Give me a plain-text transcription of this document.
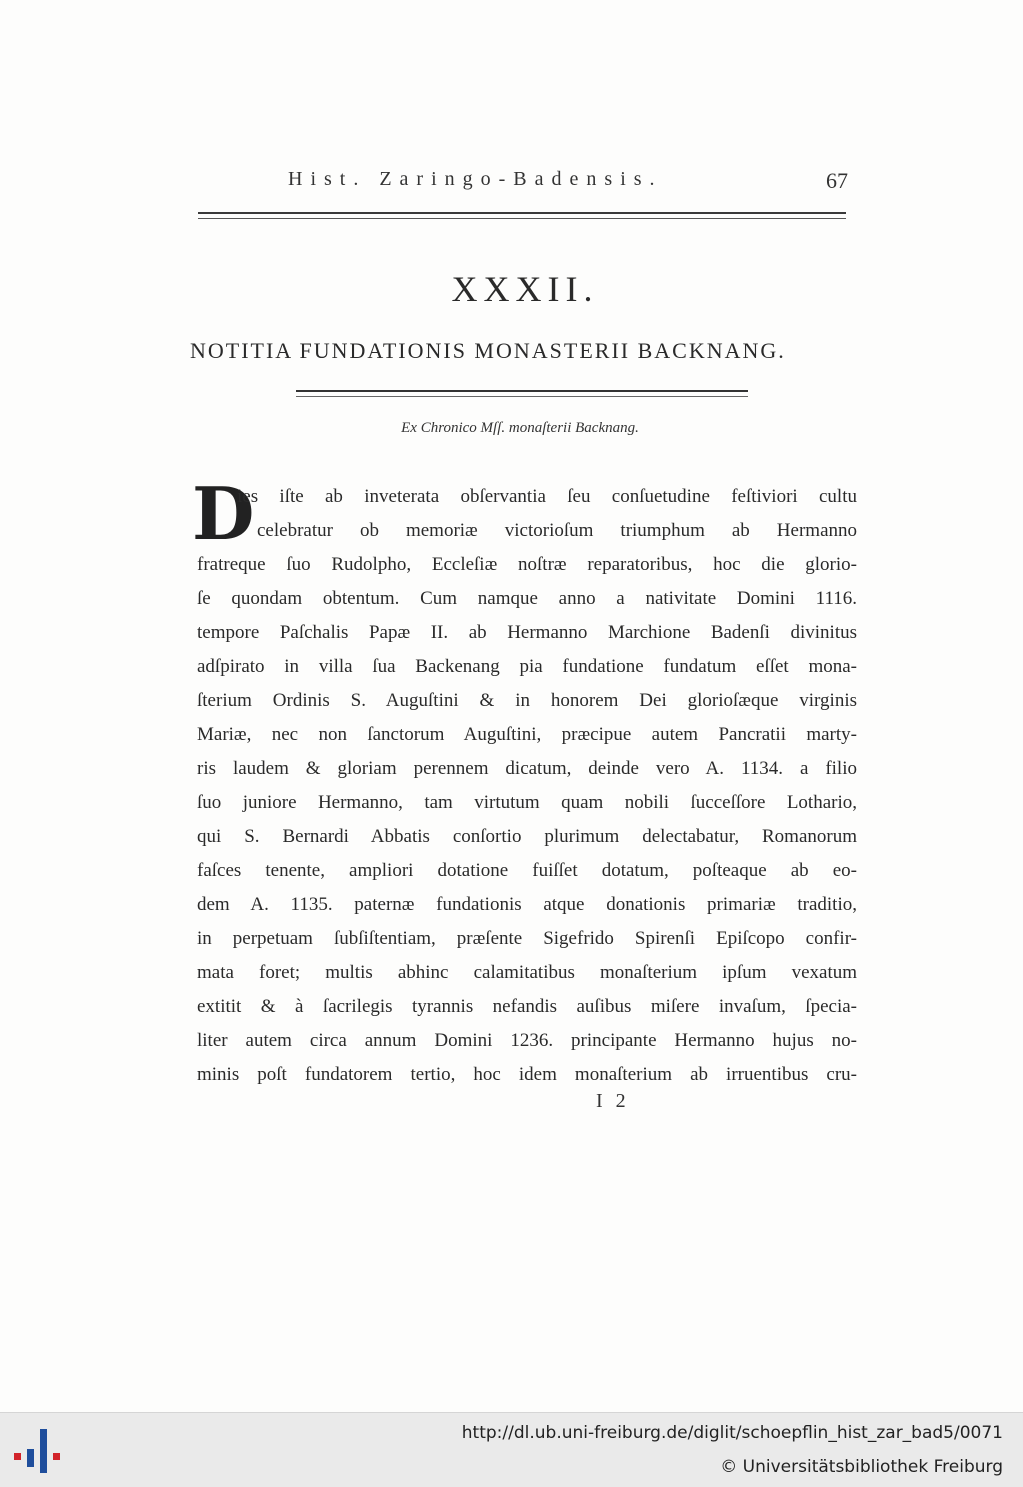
Hist. Zaringo-Badensis.	67
XXXII.
NOTITIA FUNDATIONIS MONASTERII BACKNANG.
Ex Chronico Mſſ. monaſterii Backnang.
D
ies iſte ab inveterata obſervantia ſeu conſuetudine feſtiviori cultu
celebratur ob memoriæ victorioſum triumphum ab Hermanno
fratreque ſuo Rudolpho, Eccleſiæ noſtræ reparatoribus, hoc die glorio-
ſe quondam obtentum. Cum namque anno a nativitate Domini 1116.
tempore Paſchalis Papæ II. ab Hermanno Marchione Badenſi divinitus
adſpirato in villa ſua Backenang pia fundatione fundatum eſſet mona-
ſterium Ordinis S. Auguſtini & in honorem Dei glorioſæque virginis
Mariæ, nec non ſanctorum Auguſtini, præcipue autem Pancratii marty-
ris laudem & gloriam perennem dicatum, deinde vero A. 1134. a filio
ſuo juniore Hermanno, tam virtutum quam nobili ſucceſſore Lothario,
qui S. Bernardi Abbatis conſortio plurimum delectabatur, Romanorum
faſces tenente, ampliori dotatione fuiſſet dotatum, poſteaque ab eo-
dem A. 1135. paternæ fundationis atque donationis primariæ traditio,
in perpetuam ſubſiſtentiam, præſente Sigefrido Spirenſi Epiſcopo confir-
mata foret; multis abhinc calamitatibus monaſterium ipſum vexatum
extitit & à ſacrilegis tyrannis nefandis auſibus miſere invaſum, ſpecia-
liter autem circa annum Domini 1236. principante Hermanno hujus no-
minis poſt fundatorem tertio, hoc idem monaſterium ab irruentibus cru-
I 2
http://dl.ub.uni-freiburg.de/diglit/schoepflin_hist_zar_bad5/0071
© Universitätsbibliothek Freiburg
